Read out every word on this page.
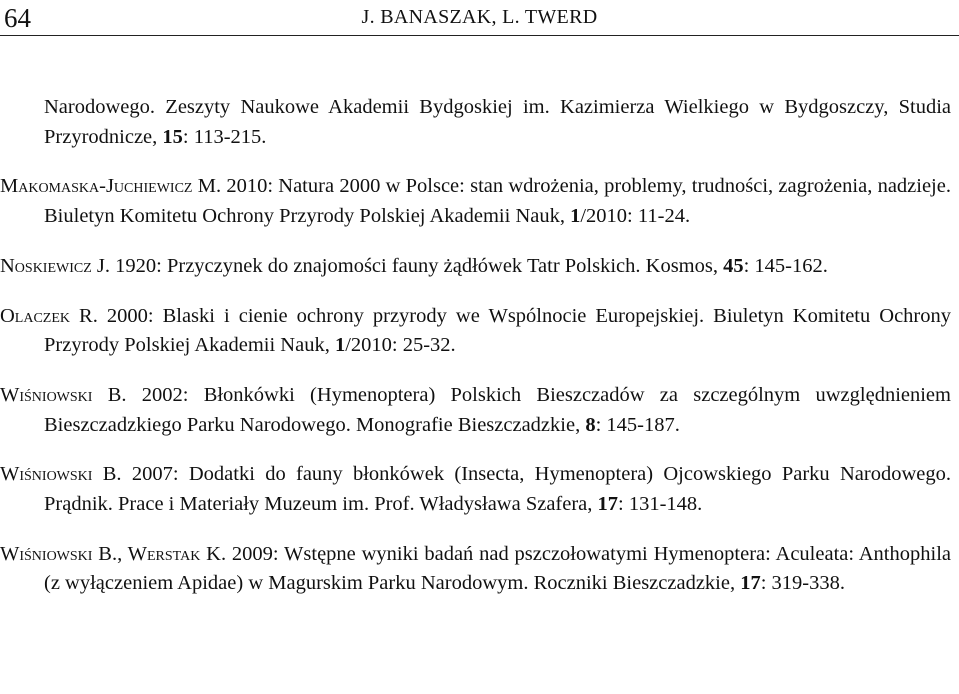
64	J. BANASZAK, L. TWERD

Narodowego. Zeszyty Naukowe Akademii Bydgoskiej im. Kazimierza Wielkiego w Bydgoszczy, Studia Przyrodnicze, 15: 113-215.

Makomaska-Juchiewicz M. 2010: Natura 2000 w Polsce: stan wdrożenia, problemy, trudności, zagrożenia, nadzieje. Biuletyn Komitetu Ochrony Przyrody Polskiej Akademii Nauk, 1/2010: 11-24.

Noskiewicz J. 1920: Przyczynek do znajomości fauny żądłówek Tatr Polskich. Kosmos, 45: 145-162.

Olaczek R. 2000: Blaski i cienie ochrony przyrody we Wspólnocie Europejskiej. Biuletyn Komitetu Ochrony Przyrody Polskiej Akademii Nauk, 1/2010: 25-32.

Wiśniowski B. 2002: Błonkówki (Hymenoptera) Polskich Bieszczadów za szczególnym uwzględnieniem Bieszczadzkiego Parku Narodowego. Monografie Bieszczadzkie, 8: 145-187.

Wiśniowski B. 2007: Dodatki do fauny błonkówek (Insecta, Hymenoptera) Ojcowskiego Parku Narodowego. Prądnik. Prace i Materiały Muzeum im. Prof. Władysława Szafera, 17: 131-148.

Wiśniowski B., Werstak K. 2009: Wstępne wyniki badań nad pszczołowatymi Hymenoptera: Aculeata: Anthophila (z wyłączeniem Apidae) w Magurskim Parku Narodowym. Roczniki Bieszczadzkie, 17: 319-338.
